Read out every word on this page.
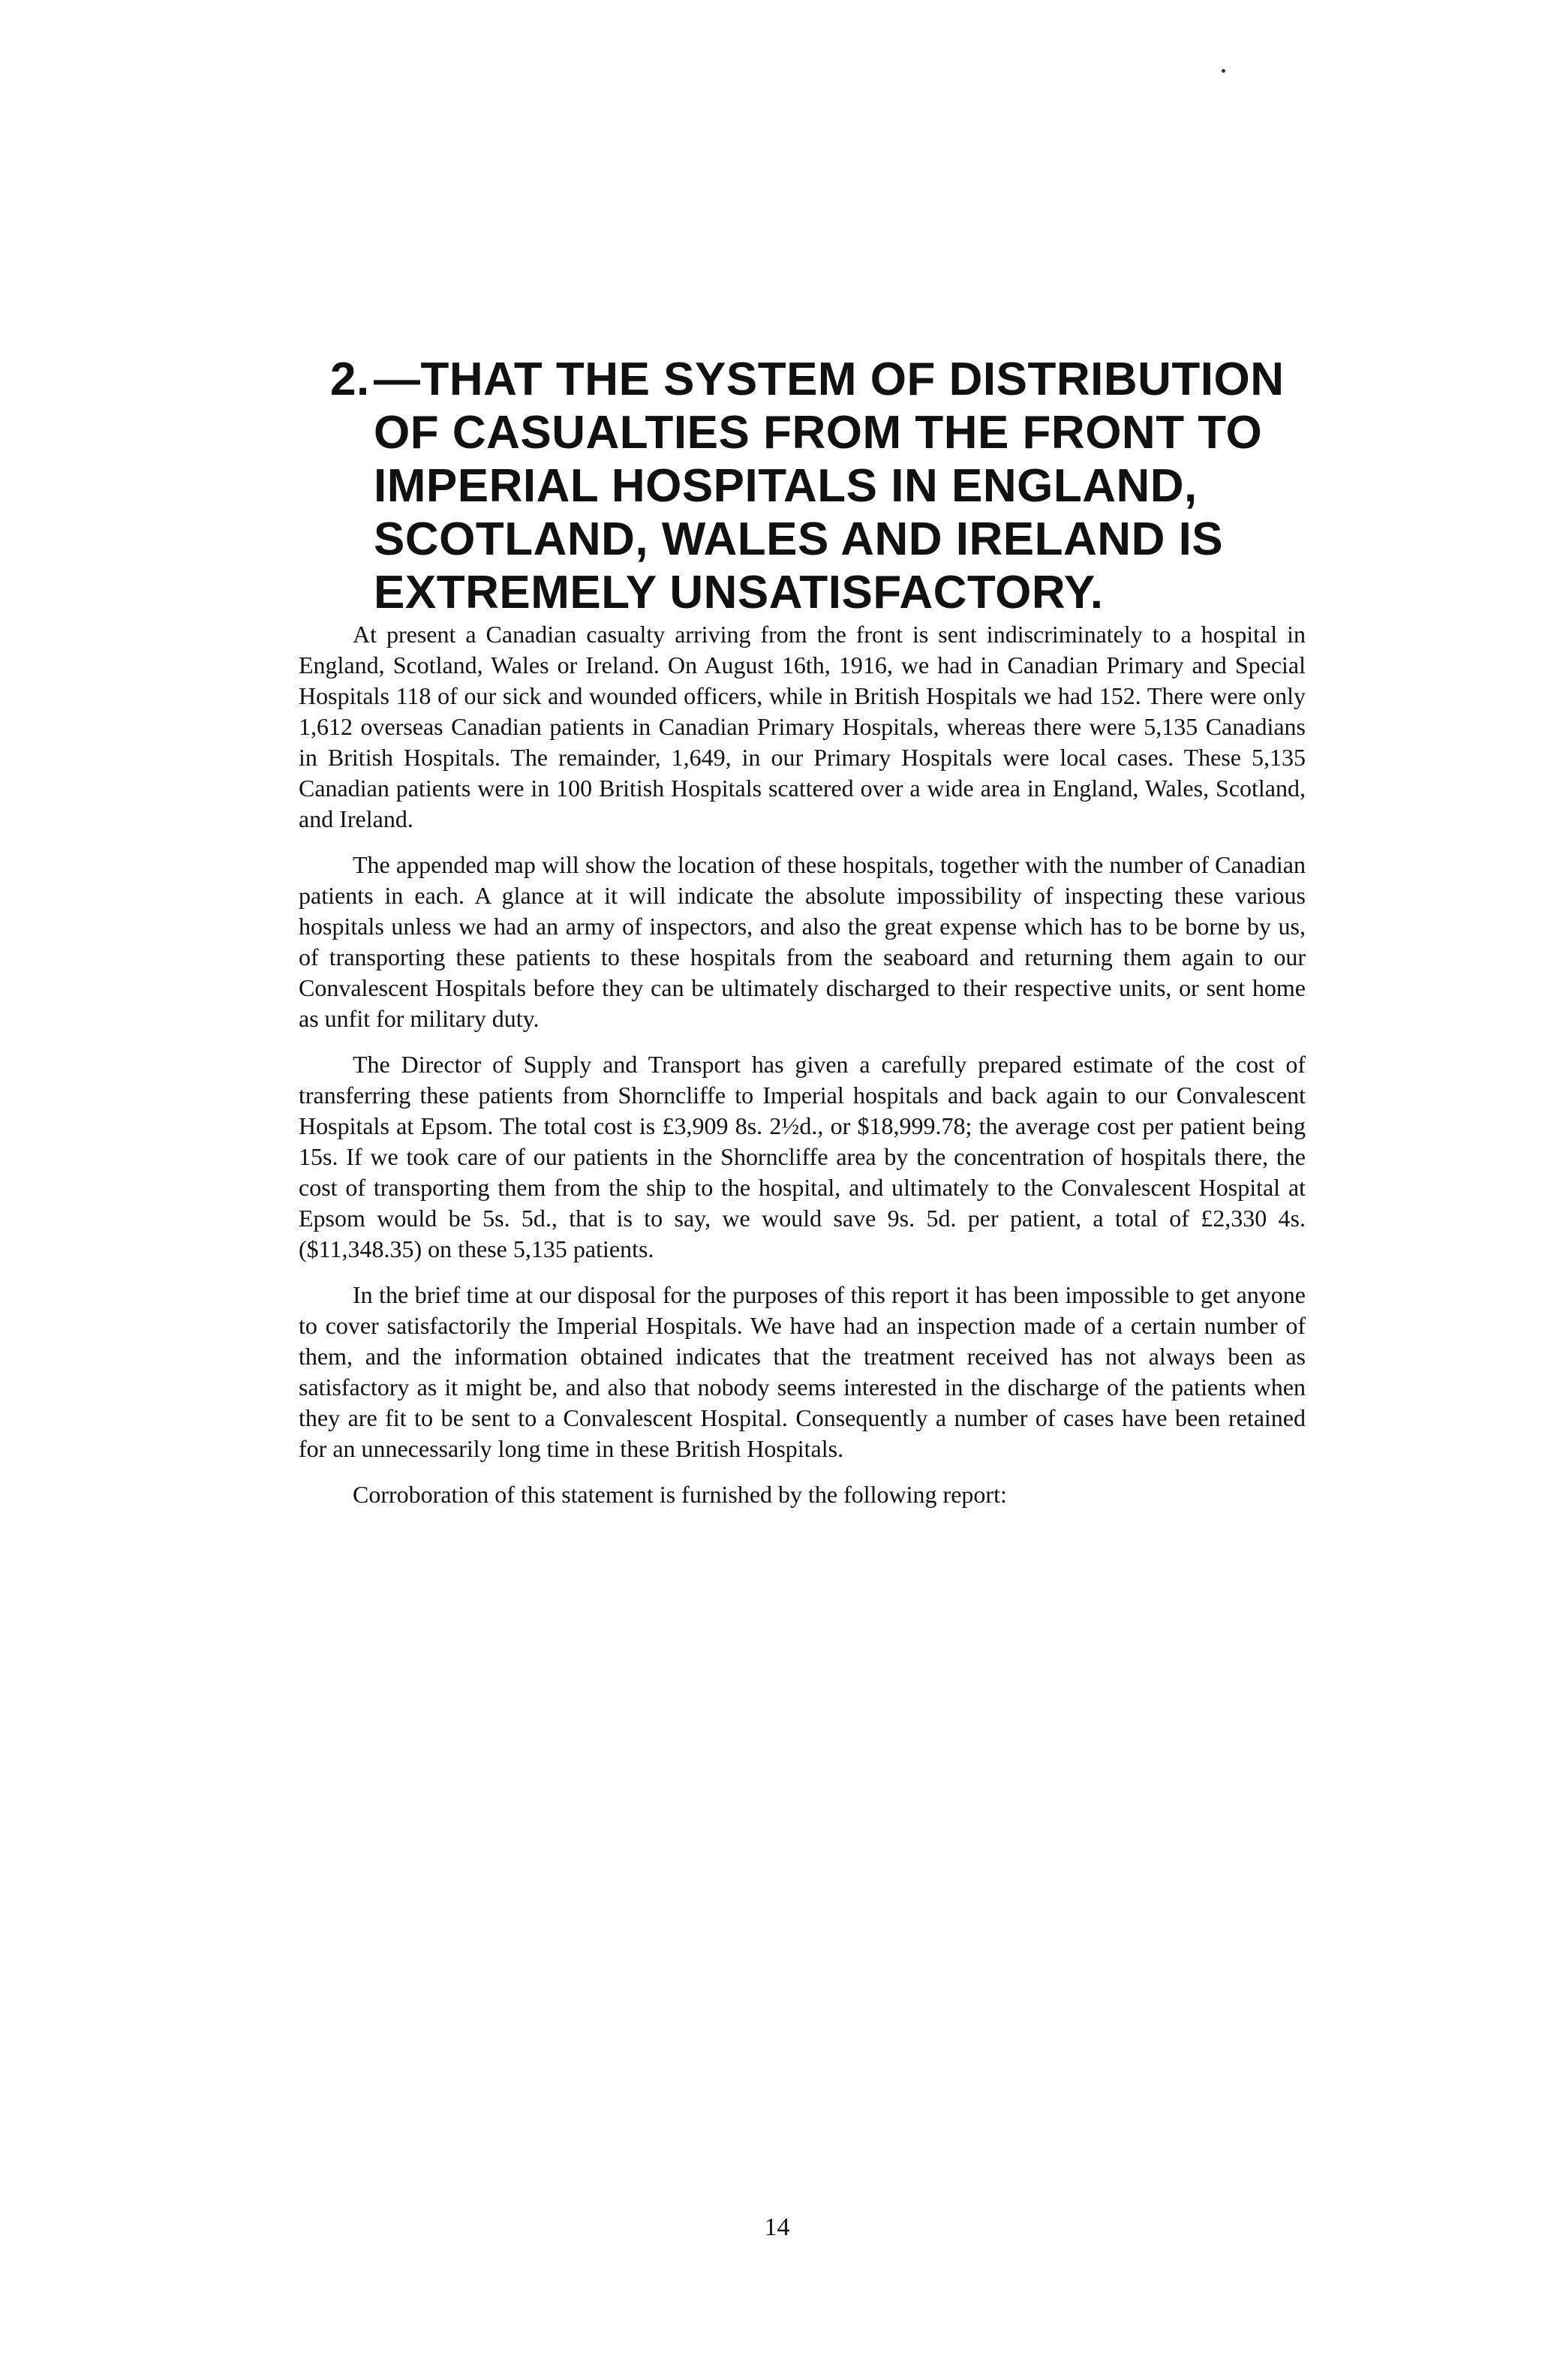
2.—THAT THE SYSTEM OF DISTRIBUTION
OF CASUALTIES FROM THE FRONT TO
IMPERIAL HOSPITALS IN ENGLAND,
SCOTLAND, WALES AND IRELAND IS
EXTREMELY UNSATISFACTORY.

At present a Canadian casualty arriving from the front is sent indiscriminately to a hospital in England, Scotland, Wales or Ireland. On August 16th, 1916, we had in Canadian Primary and Special Hospitals 118 of our sick and wounded officers, while in British Hospitals we had 152. There were only 1,612 overseas Canadian patients in Canadian Primary Hospitals, whereas there were 5,135 Canadians in British Hospitals. The remainder, 1,649, in our Primary Hospitals were local cases. These 5,135 Canadian patients were in 100 British Hospitals scattered over a wide area in England, Wales, Scotland, and Ireland.

The appended map will show the location of these hospitals, together with the number of Canadian patients in each. A glance at it will indicate the absolute impossibility of inspecting these various hospitals unless we had an army of inspectors, and also the great expense which has to be borne by us, of transporting these patients to these hospitals from the seaboard and returning them again to our Convalescent Hospitals before they can be ultimately discharged to their respective units, or sent home as unfit for military duty.

The Director of Supply and Transport has given a carefully prepared estimate of the cost of transferring these patients from Shorncliffe to Imperial hospitals and back again to our Convalescent Hospitals at Epsom. The total cost is £3,909 8s. 2½d., or $18,999.78; the average cost per patient being 15s. If we took care of our patients in the Shorncliffe area by the concentration of hospitals there, the cost of transporting them from the ship to the hospital, and ultimately to the Convalescent Hospital at Epsom would be 5s. 5d., that is to say, we would save 9s. 5d. per patient, a total of £2,330 4s. ($11,348.35) on these 5,135 patients.

In the brief time at our disposal for the purposes of this report it has been impossible to get anyone to cover satisfactorily the Imperial Hospitals. We have had an inspection made of a certain number of them, and the information obtained indicates that the treatment received has not always been as satisfactory as it might be, and also that nobody seems interested in the discharge of the patients when they are fit to be sent to a Convalescent Hospital. Consequently a number of cases have been retained for an unnecessarily long time in these British Hospitals.

Corroboration of this statement is furnished by the following report:

14
